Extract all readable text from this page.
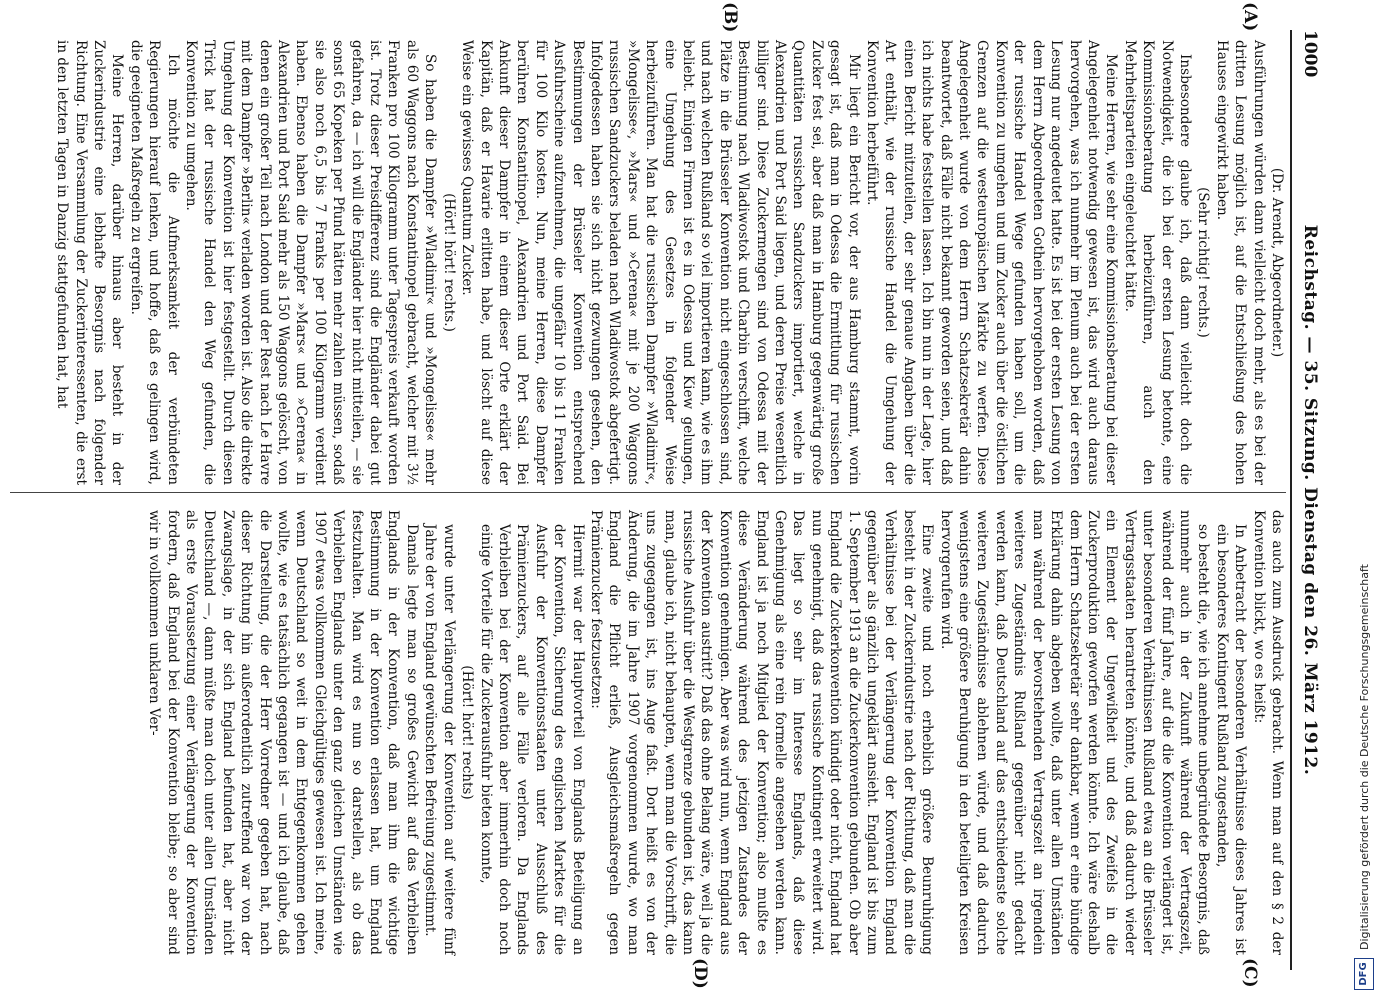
1000
Reichstag. — 35. Sitzung. Dienstag den 26. März 1912.
(A)
(B)
(C)
(D)

(Dr. Arendt, Abgeordneter.)

Ausführungen würden dann vielleicht doch mehr, als es bei der dritten Lesung möglich ist, auf die Entschließung des hohen Hauses eingewirkt haben.

(Sehr richtig! rechts.)

Insbesondere glaube ich, daß dann vielleicht doch die Notwendigkeit, die ich bei der ersten Lesung betonte, eine Kommissionsberatung herbeizuführen, auch den Mehrheitsparteien eingeleuchtet hätte.

Meine Herren, wie sehr eine Kommissionsberatung bei dieser Angelegenheit notwendig gewesen ist, das wird auch daraus hervorgehen, was ich nunmehr im Plenum auch bei der ersten Lesung nur angedeutet hatte. Es ist bei der ersten Lesung von dem Herrn Abgeordneten Gothein hervorgehoben worden, daß der russische Handel Wege gefunden haben soll, um die Konvention zu umgehen und um Zucker auch über die östlichen Grenzen auf die westeuropäischen Märkte zu werfen. Diese Angelegenheit wurde von dem Herrn Schatzsekretär dahin beantwortet, daß Fälle nicht bekannt geworden seien, und daß ich nichts habe feststellen lassen. Ich bin nun in der Lage, hier einen Bericht mitzuteilen, der sehr genaue Angaben über die Art enthält, wie der russische Handel die Umgehung der Konvention herbeiführt.

Mir liegt ein Bericht vor, der aus Hamburg stammt, worin gesagt ist, daß man in Odessa die Ermittlung für russischen Zucker fest sei, aber daß man in Hamburg gegenwärtig große Quantitäten russischen Sandzuckers importiert, welche in Alexandrien und Port Said liegen, und deren Preise wesentlich billiger sind. Diese Zuckermengen sind von Odessa mit der Bestimmung nach Wladiwostok und Charbin verschifft, welche Plätze in die Brüsseler Konvention nicht eingeschlossen sind, und nach welchen Rußland so viel importieren kann, wie es ihm beliebt. Einigen Firmen ist es in Odessa und Kiew gelungen, eine Umgehung des Gesetzes in folgender Weise herbeizuführen. Man hat die russischen Dampfer »Wladimir«, »Mongelisse«, »Mars« und »Cerena« mit je 200 Waggons russischen Sandzuckers beladen nach Wladiwostok abgefertigt. Infolgedessen haben sie sich nicht gezwungen gesehen, den Bestimmungen der Brüsseler Konvention entsprechend Ausfuhrscheine aufzunehmen, die ungefähr 10 bis 11 Franken für 100 Kilo kosten. Nun, meine Herren, diese Dampfer berühren Konstantinopel, Alexandrien und Port Said. Bei Ankunft dieser Dampfer in einem dieser Orte erklärt der Kapitän, daß er Havarie erlitten habe, und löscht auf diese Weise ein gewisses Quantum Zucker.

(Hört! hört! rechts.)

So haben die Dampfer »Wladimir« und »Mongelisse« mehr als 60 Waggons nach Konstantinopel gebracht, welcher mit 3½ Franken pro 100 Kilogramm unter Tagespreis verkauft worden ist. Trotz dieser Preisdifferenz sind die Engländer dabei gut gefahren, da — ich will die Engländer hier nicht mitteilen, — sie sonst 65 Kopeken per Pfund hätten mehr zahlen müssen, sodaß sie also noch 6,5 bis 7 Franks per 100 Kilogramm verdient haben. Ebenso haben die Dampfer »Mars« und »Cerena« in Alexandrien und Port Said mehr als 150 Waggons gelöscht, von denen ein großer Teil nach London und der Rest nach Le Havre mit dem Dampfer »Berlin« verladen worden ist. Also die direkte Umgehung der Konvention ist hier festgestellt. Durch diesen Trick hat der russische Handel den Weg gefunden, die Konvention zu umgehen.

Ich möchte die Aufmerksamkeit der verbündeten Regierungen hierauf lenken, und hoffe, daß es gelingen wird, die geeigneten Maßregeln zu ergreifen.

Meine Herren, darüber hinaus aber besteht in der Zuckerindustrie eine lebhafte Besorgnis nach folgender Richtung. Eine Versammlung der Zuckerinteressenten, die erst in den letzten Tagen in Danzig stattgefunden hat, hat

das auch zum Ausdruck gebracht. Wenn man auf den § 2 der Konvention blickt, wo es heißt:

In Anbetracht der besonderen Verhältnisse dieses Jahres ist ein besonderes Kontingent Rußland zugestanden,

so besteht die, wie ich annehme unbegründete Besorgnis, daß nunmehr auch in der Zukunft während der Vertragszeit, während der fünf Jahre, auf die die Konvention verlängert ist, unter besonderen Verhältnissen Rußland etwa an die Brüsseler Vertragsstaaten herantreten könnte, und daß dadurch wieder ein Element der Ungewißheit und des Zweifels in die Zuckerproduktion geworfen werden könnte. Ich wäre deshalb dem Herrn Schatzsekretär sehr dankbar, wenn er eine bündige Erklärung dahin abgeben wollte, daß unter allen Umständen man während der bevorstehenden Vertragszeit an irgendein weiteres Zugeständnis Rußland gegenüber nicht gedacht werden kann, daß Deutschland auf das entschiedenste solche weiteren Zugeständnisse ablehnen würde, und daß dadurch wenigstens eine größere Beruhigung in den beteiligten Kreisen hervorgerufen wird.

Eine zweite und noch erheblich größere Beunruhigung besteht in der Zuckerindustrie nach der Richtung, daß man die Verhältnisse bei der Verlängerung der Konvention England gegenüber als gänzlich ungeklärt ansieht. England ist bis zum 1. September 1913 an die Zuckerkonvention gebunden. Ob aber England die Zuckerkonvention kündigt oder nicht, England hat nun genehmigt, daß das russische Kontingent erweitert wird. Das liegt so sehr im Interesse Englands, daß diese Genehmigung als eine rein formelle angesehen werden kann. England ist ja noch Mitglied der Konvention; also mußte es diese Veränderung während des jetzigen Zustandes der Konvention genehmigen. Aber was wird nun, wenn England aus der Konvention austritt? Daß das ohne Belang wäre, weil ja die russische Ausfuhr über die Westgrenze gebunden ist, das kann man, glaube ich, nicht behaupten, wenn man die Vorschrift, die uns zugegangen ist, ins Auge faßt. Dort heißt es von der Änderung, die im Jahre 1907 vorgenommen wurde, wo man England die Pflicht erließ, Ausgleichsmaßregeln gegen Prämienzucker festzusetzen:

Hiermit war der Hauptvorteil von Englands Beteiligung an der Konvention, Sicherung des englischen Marktes für die Ausfuhr der Konventionsstaaten unter Ausschluß des Prämienzuckers, auf alle Fälle verloren. Da Englands Verbleiben bei der Konvention aber immerhin doch noch einige Vorteile für die Zuckerausfuhr bieten konnte,

(Hört! hört! rechts)

wurde unter Verlängerung der Konvention auf weitere fünf Jahre der von England gewünschten Befreiung zugestimmt.

Damals legte man so großes Gewicht auf das Verbleiben Englands in der Konvention, daß man ihm die wichtige Bestimmung in der Konvention erlassen hat, um England festzuhalten. Man wird es nun so darstellen, als ob das Verbleiben Englands unter den ganz gleichen Umständen wie 1907 etwas vollkommen Gleichgültiges gewesen ist. Ich meine, wenn Deutschland so weit in dem Entgegenkommen gehen wollte, wie es tatsächlich gegangen ist — und ich glaube, daß die Darstellung, die der Herr Vorredner gegeben hat, nach dieser Richtung hin außerordentlich zutreffend war von der Zwangslage, in der sich England befunden hat, aber nicht Deutschland —, dann müßte man doch unter allen Umständen als erste Voraussetzung einer Verlängerung der Konvention fordern, daß England bei der Konvention bleibe; so aber sind wir in vollkommen unklaren Ver-

DFG
Digitalisierung gefördert durch die Deutsche Forschungsgemeinschaft
